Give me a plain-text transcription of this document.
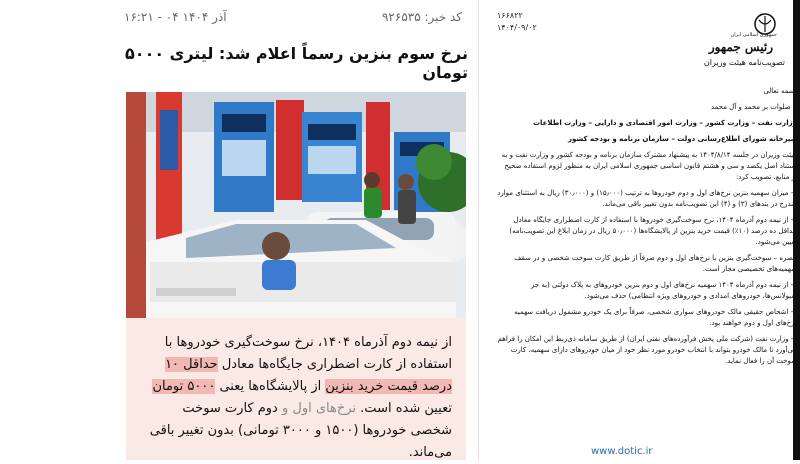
کد خبر: ۹۲۶۵۳۵
۱۶:۲۱ - ۰۴ آذر ۱۴۰۴
نرخ سوم بنزین رسماً اعلام شد: لیتری ۵۰۰۰ تومان
از نیمه دوم آذرماه ۱۴۰۴، نرخ سوخت‌گیری خودروها با استفاده از کارت اضطراری جایگاه‌ها معادل حداقل ۱۰ درصد قیمت خرید بنزین از پالایشگاه‌ها یعنی ۵۰۰۰ تومان تعیین شده است. نرخ‌های اول و دوم کارت سوخت شخصی خودروها (۱۵۰۰ و ۳۰۰۰ تومانی) بدون تغییر باقی می‌ماند.
۱۶۶۸۲۲
۱۴۰۴/۰۹/۰۲
جمهوری اسلامی ایران
رئیس جمهور
تصویب‌نامه هیئت وزیران

بسمه تعالی

با صلوات بر محمد و آل محمد

وزارت نفت – وزارت کشور – وزارت امور اقتصادی و دارایی – وزارت اطلاعات

دبیرخانه شورای اطلاع‌رسانی دولت – سازمان برنامه و بودجه کشور

هیئت وزیران در جلسه ۱۴۰۴/۸/۱۴ به پیشنهاد مشترک سازمان برنامه و بودجه کشور و وزارت نفت و به استناد اصل یکصد و سی و هشتم قانون اساسی جمهوری اسلامی ایران به منظور لزوم استفاده صحیح از منابع، تصویب کرد:

۱- میزان سهمیه بنزین نرخ‌های اول و دوم خودروها به ترتیب (۱۵٫۰۰۰) و (۳۰٫۰۰۰) ریال به استثنای موارد مندرج در بندهای (۳) و (۴) این تصویب‌نامه بدون تغییر باقی می‌ماند.

۲- از نیمه دوم آذرماه ۱۴۰۴، نرخ سوخت‌گیری خودروها با استفاده از کارت اضطراری جایگاه معادل حداقل ده درصد (۱۰٪) قیمت خرید بنزین از پالایشگاه‌ها (۵۰٫۰۰۰ ریال در زمان ابلاغ این تصویب‌نامه) تعیین می‌شود.

تبصره – سوخت‌گیری بنزین با نرخ‌های اول و دوم صرفاً از طریق کارت سوخت شخصی و در سقف سهمیه‌های تخصیصی مجاز است.

۳- از نیمه دوم آذرماه ۱۴۰۴ سهمیه نرخ‌های اول و دوم بنزین خودروهای به پلاک دولتی (به جز آمبولانس‌ها، خودروهای امدادی و خودروهای ویژه انتظامی) حذف می‌شود.

۴- اشخاص حقیقی مالک خودروهای سواری شخصی، صرفاً برای یک خودرو مشمول دریافت سهمیه نرخ‌های اول و دوم خواهند بود.

۵- وزارت نفت (شرکت ملی پخش فرآورده‌های نفتی ایران) از طریق سامانه ذی‌ربط این امکان را فراهم می‌آورد تا مالک خودرو بتواند با انتخاب خودرو مورد نظر خود از میان خودروهای دارای سهمیه، کارت سوخت آن را فعال نماید.

www.dotic.ir
